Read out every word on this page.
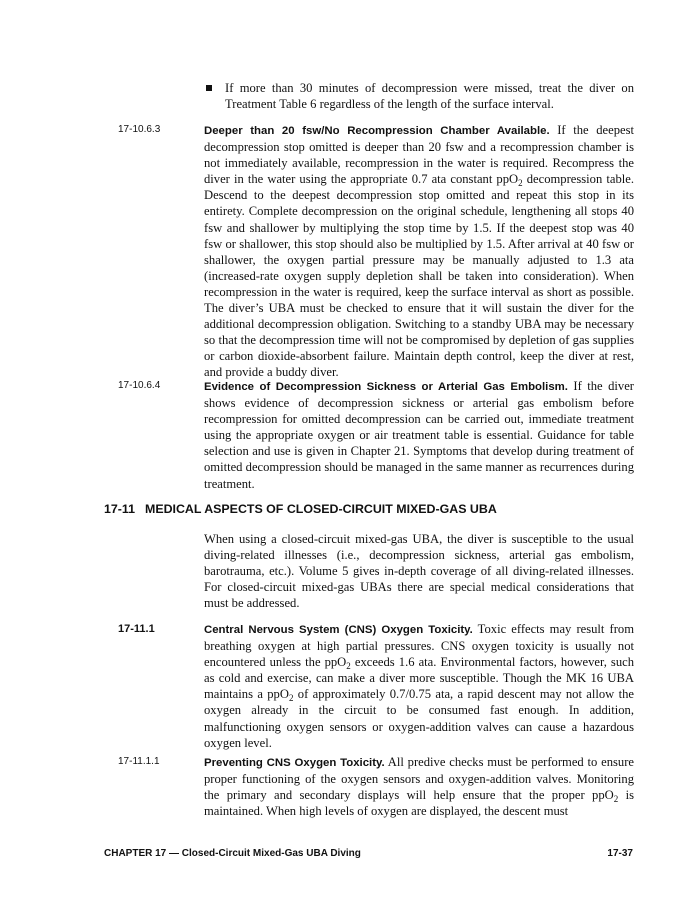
If more than 30 minutes of decompression were missed, treat the diver on Treatment Table 6 regardless of the length of the surface interval.

17-10.6.3	Deeper than 20 fsw/No Recompression Chamber Available. If the deepest decompression stop omitted is deeper than 20 fsw and a recompression chamber is not immediately available, recompression in the water is required. Recompress the diver in the water using the appropriate 0.7 ata constant ppO$_2$ decompression table. Descend to the deepest decompression stop omitted and repeat this stop in its entirety. Complete decompression on the original schedule, lengthening all stops 40 fsw and shallower by multiplying the stop time by 1.5. If the deepest stop was 40 fsw or shallower, this stop should also be multiplied by 1.5. After arrival at 40 fsw or shallower, the oxygen partial pressure may be manually adjusted to 1.3 ata (increased-rate oxygen supply depletion shall be taken into consideration). When recompression in the water is required, keep the surface interval as short as possible. The diver’s UBA must be checked to ensure that it will sustain the diver for the additional decompression obligation. Switching to a standby UBA may be necessary so that the decompression time will not be compromised by depletion of gas supplies or carbon dioxide-absorbent failure. Maintain depth control, keep the diver at rest, and provide a buddy diver.

17-10.6.4	Evidence of Decompression Sickness or Arterial Gas Embolism. If the diver shows evidence of decompression sickness or arterial gas embolism before recompression for omitted decompression can be carried out, immediate treatment using the appropriate oxygen or air treatment table is essential. Guidance for table selection and use is given in Chapter 21. Symptoms that develop during treatment of omitted decompression should be managed in the same manner as recurrences during treatment.

17-11 MEDICAL ASPECTS OF CLOSED-CIRCUIT MIXED-GAS UBA

When using a closed-circuit mixed-gas UBA, the diver is susceptible to the usual diving-related illnesses (i.e., decompression sickness, arterial gas embolism, barotrauma, etc.). Volume 5 gives in-depth coverage of all diving-related illnesses. For closed-circuit mixed-gas UBAs there are special medical considerations that must be addressed.

17-11.1	Central Nervous System (CNS) Oxygen Toxicity. Toxic effects may result from breathing oxygen at high partial pressures. CNS oxygen toxicity is usually not encountered unless the ppO$_2$ exceeds 1.6 ata. Environmental factors, however, such as cold and exercise, can make a diver more susceptible. Though the MK 16 UBA maintains a ppO$_2$ of approximately 0.7/0.75 ata, a rapid descent may not allow the oxygen already in the circuit to be consumed fast enough. In addition, malfunctioning oxygen sensors or oxygen-addition valves can cause a hazardous oxygen level.

17-11.1.1	Preventing CNS Oxygen Toxicity. All predive checks must be performed to ensure proper functioning of the oxygen sensors and oxygen-addition valves. Monitoring the primary and secondary displays will help ensure that the proper ppO$_2$ is maintained. When high levels of oxygen are displayed, the descent must

CHAPTER 17 — Closed-Circuit Mixed-Gas UBA Diving	17-37
